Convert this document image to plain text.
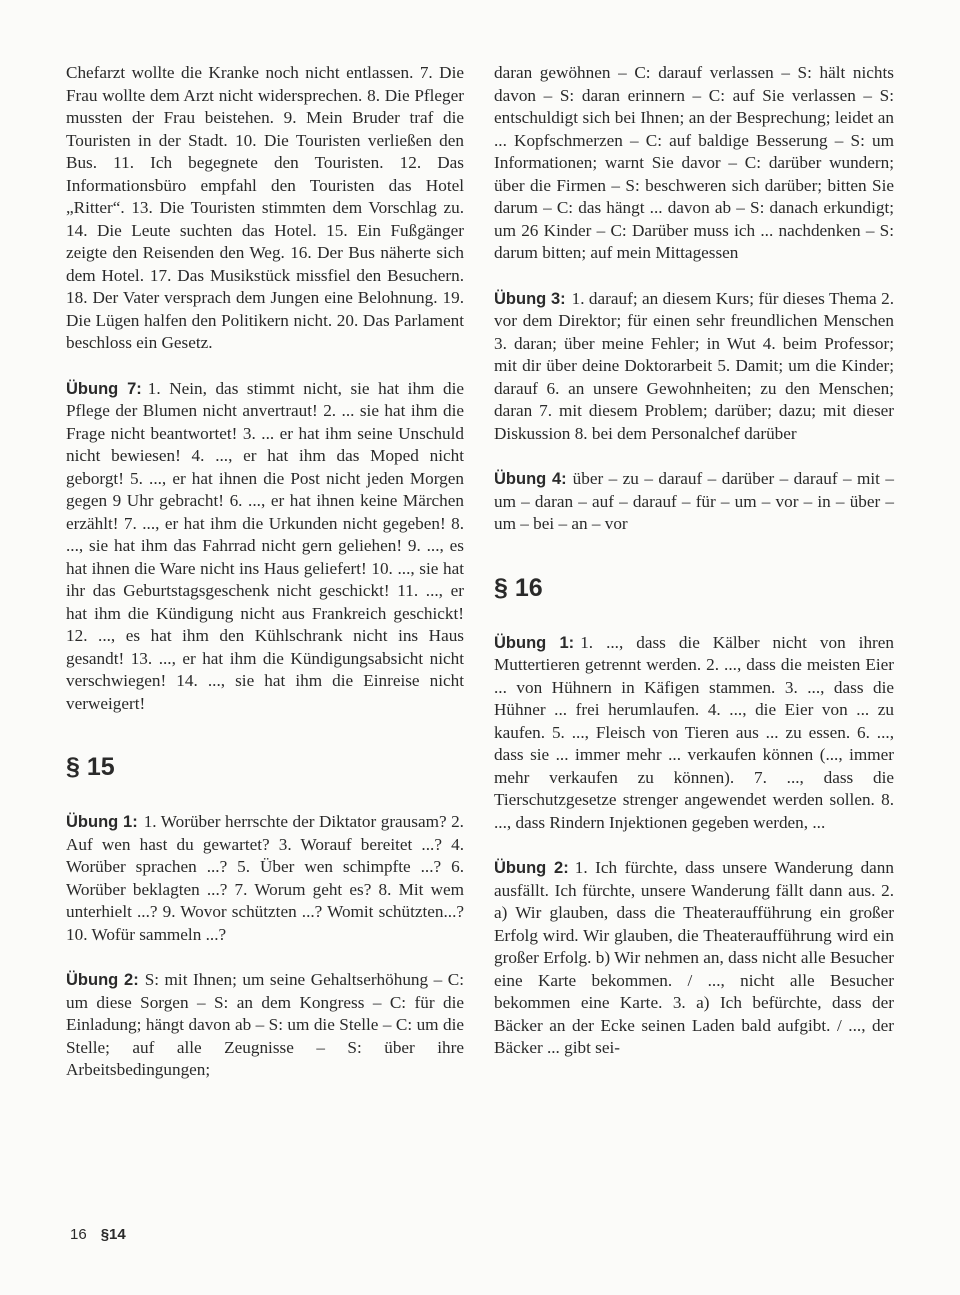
Chefarzt wollte die Kranke noch nicht entlassen. 7. Die Frau wollte dem Arzt nicht widersprechen. 8. Die Pfleger mussten der Frau beistehen. 9. Mein Bruder traf die Touristen in der Stadt. 10. Die Touristen verließen den Bus. 11. Ich begegnete den Touristen. 12. Das Informationsbüro empfahl den Touristen das Hotel „Ritter“. 13. Die Touristen stimmten dem Vorschlag zu. 14. Die Leute suchten das Hotel. 15. Ein Fußgänger zeigte den Reisenden den Weg. 16. Der Bus näherte sich dem Hotel. 17. Das Musikstück missfiel den Besuchern. 18. Der Vater versprach dem Jungen eine Belohnung. 19. Die Lügen halfen den Politikern nicht. 20. Das Parlament beschloss ein Gesetz.

Übung 7: 1. Nein, das stimmt nicht, sie hat ihm die Pflege der Blumen nicht anvertraut! 2. ... sie hat ihm die Frage nicht beantwortet! 3. ... er hat ihm seine Unschuld nicht bewiesen! 4. ..., er hat ihm das Moped nicht geborgt! 5. ..., er hat ihnen die Post nicht jeden Morgen gegen 9 Uhr gebracht! 6. ..., er hat ihnen keine Märchen erzählt! 7. ..., er hat ihm die Urkunden nicht gegeben! 8. ..., sie hat ihm das Fahrrad nicht gern geliehen! 9. ..., es hat ihnen die Ware nicht ins Haus geliefert! 10. ..., sie hat ihr das Geburtstagsgeschenk nicht geschickt! 11. ..., er hat ihm die Kündigung nicht aus Frankreich geschickt! 12. ..., es hat ihm den Kühlschrank nicht ins Haus gesandt! 13. ..., er hat ihm die Kündigungsabsicht nicht verschwiegen! 14. ..., sie hat ihm die Einreise nicht verweigert!

§ 15

Übung 1: 1. Worüber herrschte der Diktator grausam? 2. Auf wen hast du gewartet? 3. Worauf bereitet ...? 4. Worüber sprachen ...? 5. Über wen schimpfte ...? 6. Worüber beklagten ...? 7. Worum geht es? 8. Mit wem unterhielt ...? 9. Wovor schützten ...? Womit schützten...? 10. Wofür sammeln ...?

Übung 2: S: mit Ihnen; um seine Gehaltserhöhung – C: um diese Sorgen – S: an dem Kongress – C: für die Einladung; hängt davon ab – S: um die Stelle – C: um die Stelle; auf alle Zeugnisse – S: über ihre Arbeitsbedingungen;

daran gewöhnen – C: darauf verlassen – S: hält nichts davon – S: daran erinnern – C: auf Sie verlassen – S: entschuldigt sich bei Ihnen; an der Besprechung; leidet an ... Kopfschmerzen – C: auf baldige Besserung – S: um Informationen; warnt Sie davor – C: darüber wundern; über die Firmen – S: beschweren sich darüber; bitten Sie darum – C: das hängt ... davon ab – S: danach erkundigt; um 26 Kinder – C: Darüber muss ich ... nachdenken – S: darum bitten; auf mein Mittagessen

Übung 3: 1. darauf; an diesem Kurs; für dieses Thema 2. vor dem Direktor; für einen sehr freundlichen Menschen 3. daran; über meine Fehler; in Wut 4. beim Professor; mit dir über deine Doktorarbeit 5. Damit; um die Kinder; darauf 6. an unsere Gewohnheiten; zu den Menschen; daran 7. mit diesem Problem; darüber; dazu; mit dieser Diskussion 8. bei dem Personalchef darüber

Übung 4: über – zu – darauf – darüber – darauf – mit – um – daran – auf – darauf – für – um – vor – in – über – um – bei – an – vor

§ 16

Übung 1: 1. ..., dass die Kälber nicht von ihren Muttertieren getrennt werden. 2. ..., dass die meisten Eier ... von Hühnern in Käfigen stammen. 3. ..., dass die Hühner ... frei herumlaufen. 4. ..., die Eier von ... zu kaufen. 5. ..., Fleisch von Tieren aus ... zu essen. 6. ..., dass sie ... immer mehr ... verkaufen können (..., immer mehr verkaufen zu können). 7. ..., dass die Tierschutzgesetze strenger angewendet werden sollen. 8. ..., dass Rindern Injektionen gegeben werden, ...

Übung 2: 1. Ich fürchte, dass unsere Wanderung dann ausfällt. Ich fürchte, unsere Wanderung fällt dann aus. 2. a) Wir glauben, dass die Theateraufführung ein großer Erfolg wird. Wir glauben, die Theateraufführung wird ein großer Erfolg. b) Wir nehmen an, dass nicht alle Besucher eine Karte bekommen. / ..., nicht alle Besucher bekommen eine Karte. 3. a) Ich befürchte, dass der Bäcker an der Ecke seinen Laden bald aufgibt. / ..., der Bäcker ... gibt sei-

16 §14
